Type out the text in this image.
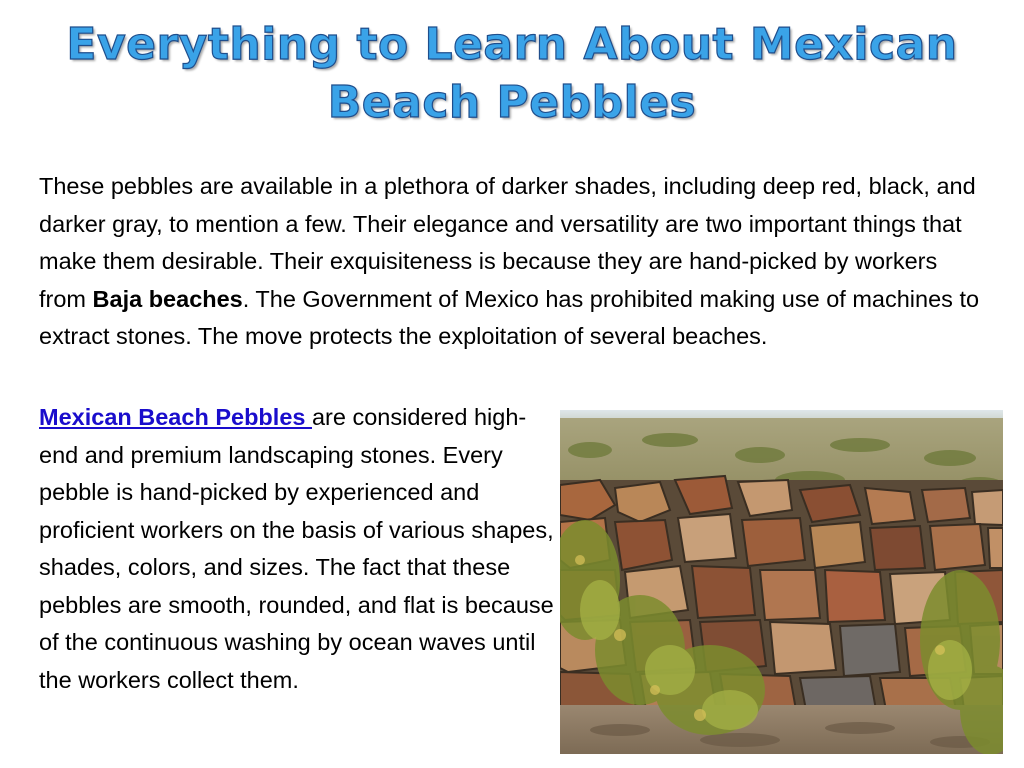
Everything to Learn About Mexican Beach Pebbles

These pebbles are available in a plethora of darker shades, including deep red, black, and darker gray, to mention a few. Their elegance and versatility are two important things that make them desirable. Their exquisiteness is because they are hand-picked by workers from Baja beaches. The Government of Mexico has prohibited making use of machines to extract stones. The move protects the exploitation of several beaches.

Mexican Beach Pebbles are considered high-end and premium landscaping stones. Every pebble is hand-picked by experienced and proficient workers on the basis of various shapes, shades, colors, and sizes. The fact that these pebbles are smooth, rounded, and flat is because of the continuous washing by ocean waves until the workers collect them.
